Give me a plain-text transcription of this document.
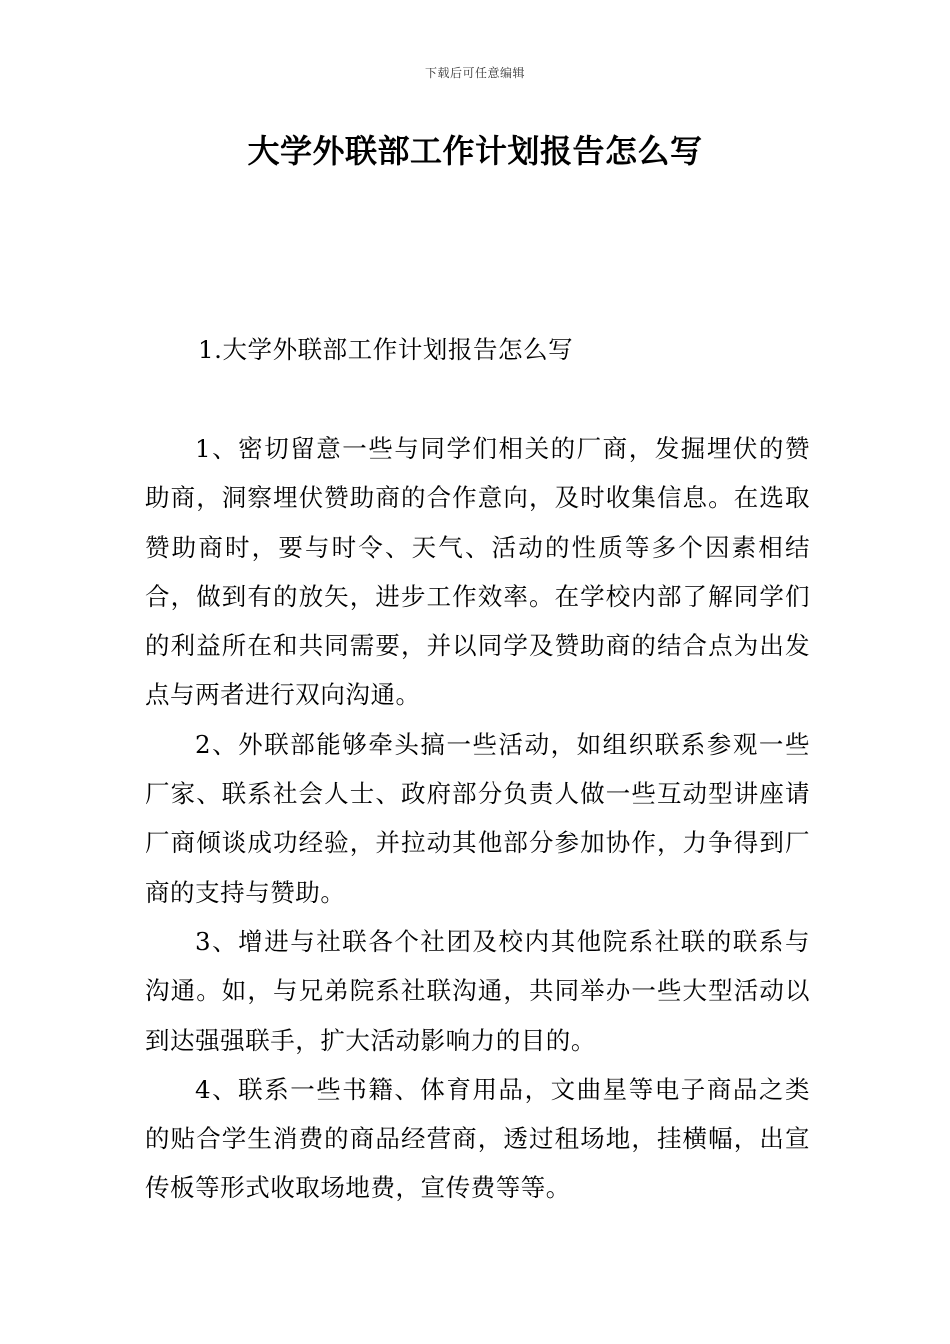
下载后可任意编辑
大学外联部工作计划报告怎么写
1.大学外联部工作计划报告怎么写

1、密切留意一些与同学们相关的厂商，发掘埋伏的赞助商，洞察埋伏赞助商的合作意向，及时收集信息。在选取赞助商时，要与时令、天气、活动的性质等多个因素相结合，做到有的放矢，进步工作效率。在学校内部了解同学们的利益所在和共同需要，并以同学及赞助商的结合点为出发点与两者进行双向沟通。

2、外联部能够牵头搞一些活动，如组织联系参观一些厂家、联系社会人士、政府部分负责人做一些互动型讲座请厂商倾谈成功经验，并拉动其他部分参加协作，力争得到厂商的支持与赞助。

3、增进与社联各个社团及校内其他院系社联的联系与沟通。如，与兄弟院系社联沟通，共同举办一些大型活动以到达强强联手，扩大活动影响力的目的。

4、联系一些书籍、体育用品，文曲星等电子商品之类的贴合学生消费的商品经营商，透过租场地，挂横幅，出宣传板等形式收取场地费，宣传费等等。
